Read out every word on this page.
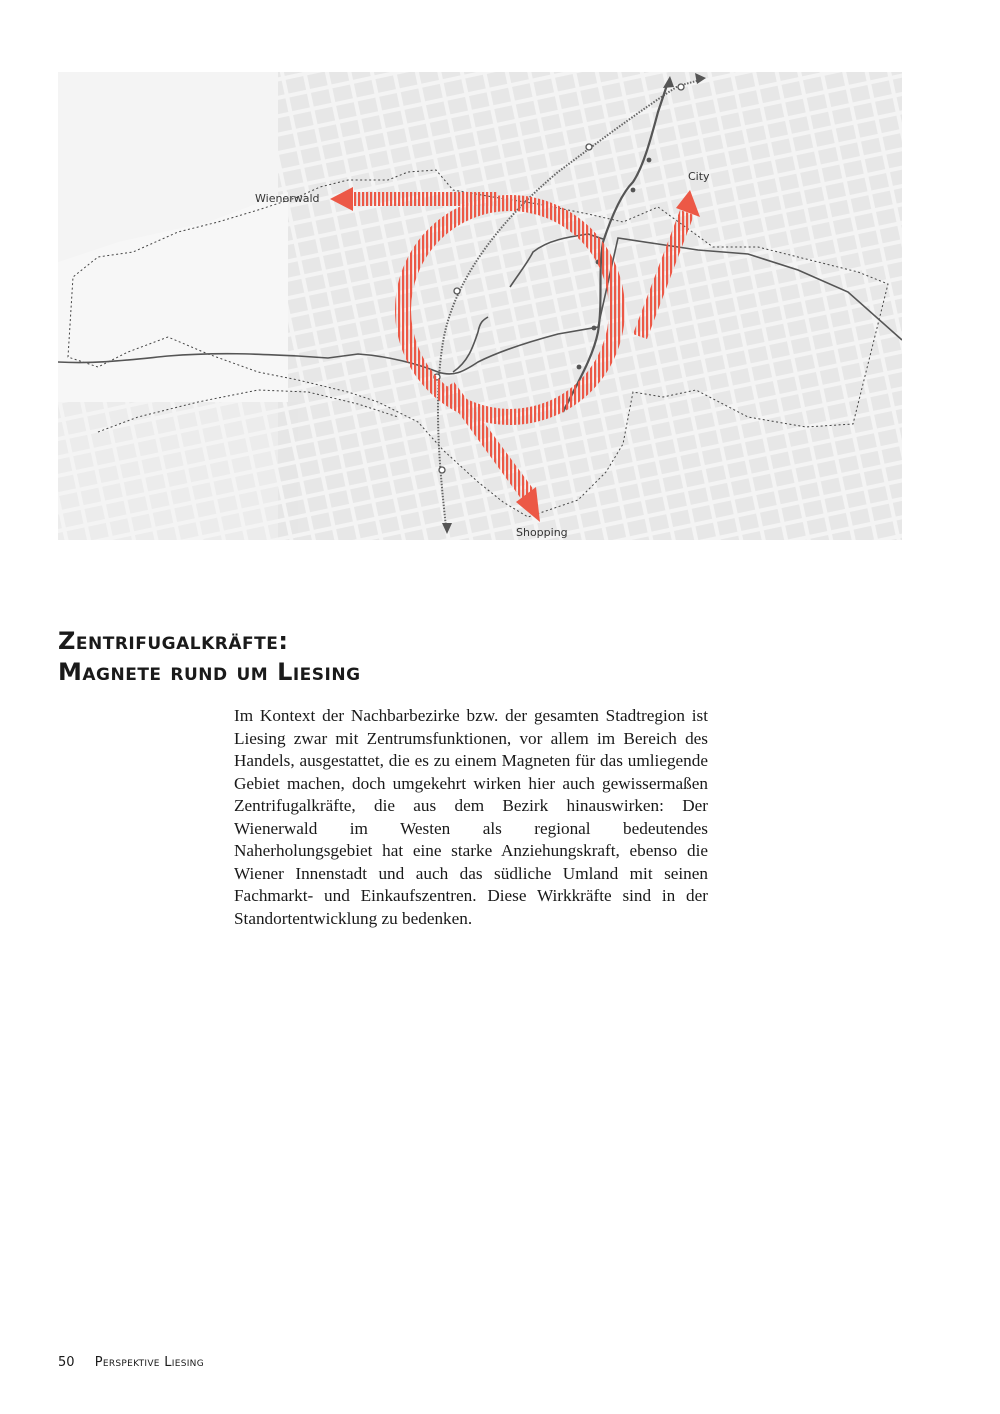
Wienerwald
City
Shopping
Zentrifugalkräfte:
Magnete rund um Liesing

Im Kontext der Nachbarbezirke bzw. der gesamten Stadtregion ist Liesing zwar mit Zentrumsfunktionen, vor allem im Bereich des Handels, ausgestattet, die es zu einem Magneten für das umliegende Gebiet machen, doch umgekehrt wirken hier auch gewissermaßen Zentrifugalkräfte, die aus dem Bezirk hinauswirken: Der Wienerwald im Westen als regional bedeutendes Naherholungsgebiet hat eine starke Anziehungskraft, ebenso die Wiener Innenstadt und auch das südliche Umland mit seinen Fachmarkt- und Einkaufszentren. Diese Wirkkräfte sind in der Standortentwicklung zu bedenken.

50 Perspektive Liesing
